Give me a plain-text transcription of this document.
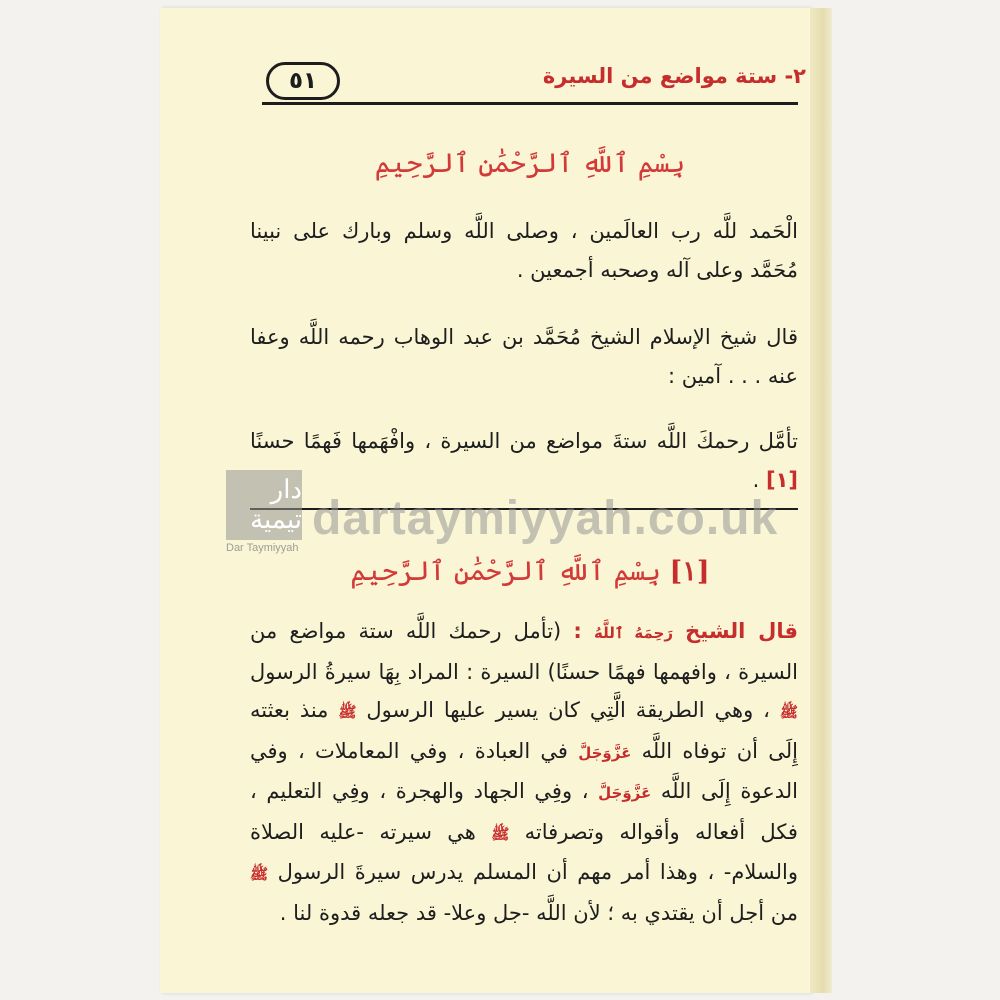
٥١	٢- ستة مواضع من السيرة
بِسْمِ ٱللَّهِ ٱلرَّحْمَٰنِ ٱلرَّحِيمِ
الْحَمد للَّه رب العالَمين ، وصلى اللَّه وسلم وبارك على نبينا مُحَمَّد وعلى آله وصحبه أجمعين .
قال شيخ الإسلام الشيخ مُحَمَّد بن عبد الوهاب رحمه اللَّه وعفا عنه . . . آمين :
تأمَّل رحمكَ اللَّه ستةَ مواضع من السيرة ، وافْهَمها فَهمًا حسنًا [١] .
[١] بِسْمِ ٱللَّهِ ٱلرَّحْمَٰنِ ٱلرَّحِيمِ
قال الشيخ رَحِمَهُ ٱللَّهُ : (تأمل رحمك اللَّه ستة مواضع من السيرة ، وافهمها فهمًا حسنًا) السيرة : المراد بِهَا سيرةُ الرسول ﷺ ، وهي الطريقة الَّتِي كان يسير عليها الرسول ﷺ منذ بعثته إِلَى أن توفاه اللَّه عَزَّوَجَلَّ في العبادة ، وفي المعاملات ، وفي الدعوة إِلَى اللَّه عَزَّوَجَلَّ ، وفِي الجهاد والهجرة ، وفِي التعليم ، فكل أفعاله وأقواله وتصرفاته ﷺ هي سيرته -عليه الصلاة والسلام- ، وهذا أمر مهم أن المسلم يدرس سيرةَ الرسول ﷺ من أجل أن يقتدي به ؛ لأن اللَّه -جل وعلا- قد جعله قدوة لنا .
دار تيمية dartaymiyyah.co.uk
Dar Taymiyyah
